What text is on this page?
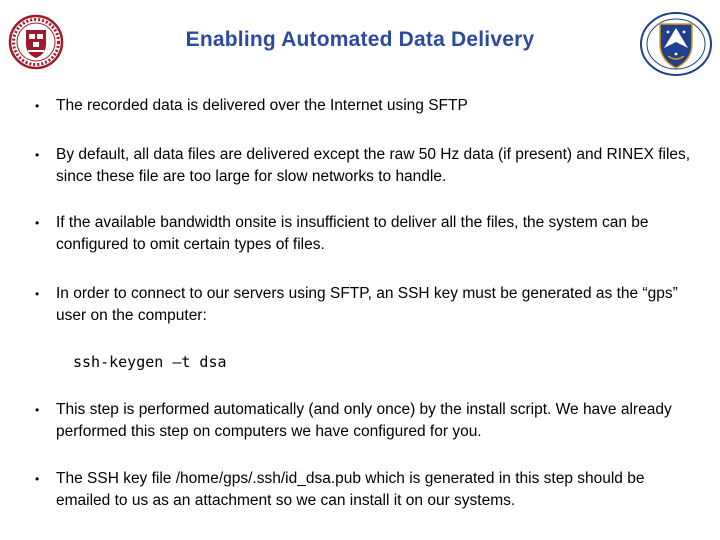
Enabling Automated Data Delivery
• The recorded data is delivered over the Internet using SFTP
• By default, all data files are delivered except the raw 50 Hz data (if present) and RINEX files, since these file are too large for slow networks to handle.
• If the available bandwidth onsite is insufficient to deliver all the files, the system can be configured to omit certain types of files.
• In order to connect to our servers using SFTP, an SSH key must be generated as the “gps” user on the computer:
ssh-keygen –t dsa
• This step is performed automatically (and only once) by the install script. We have already performed this step on computers we have configured for you.
• The SSH key file /home/gps/.ssh/id_dsa.pub which is generated in this step should be emailed to us as an attachment so we can install it on our systems.
